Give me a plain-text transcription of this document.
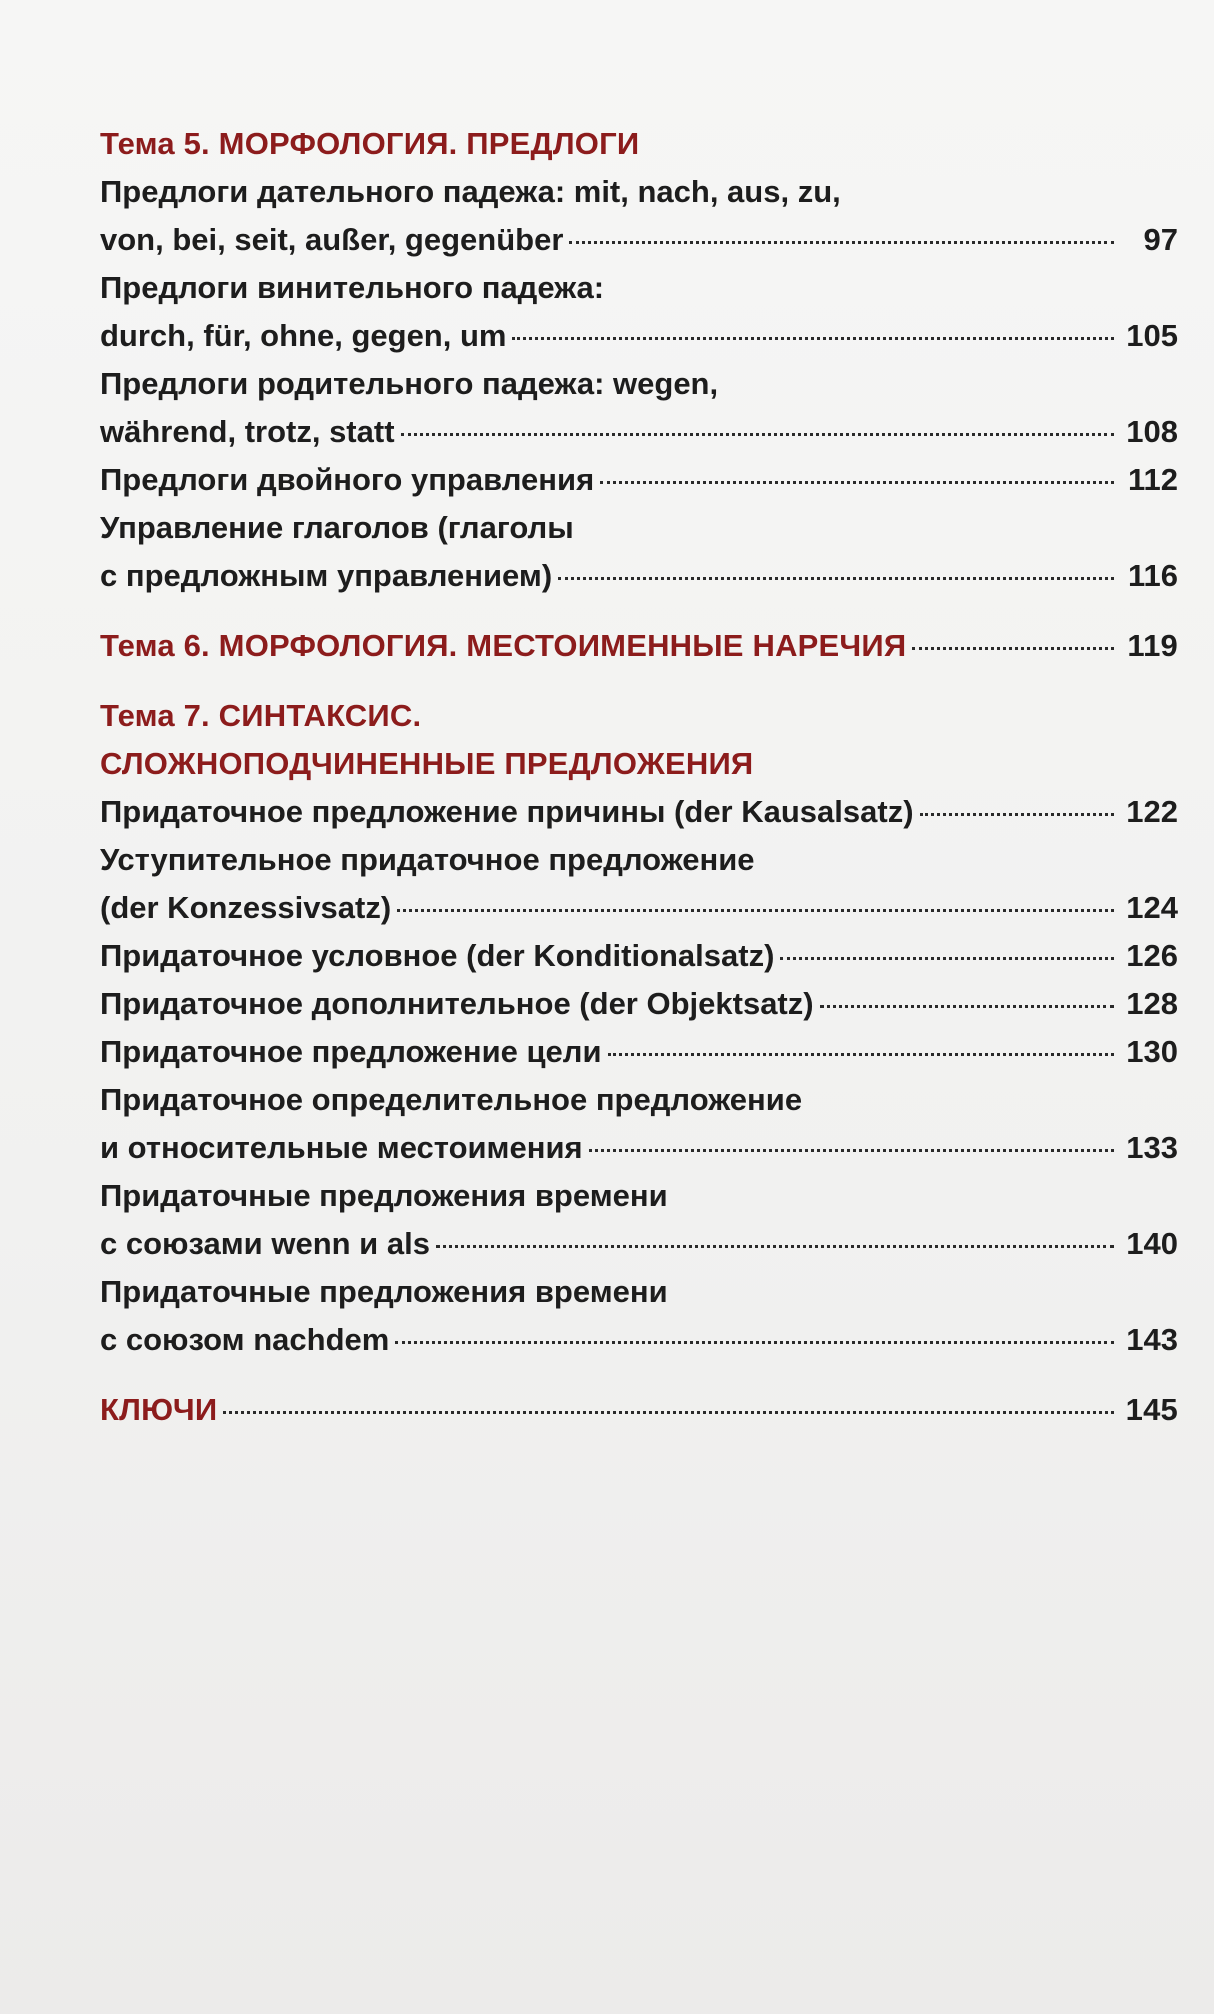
Тема 5. МОРФОЛОГИЯ. ПРЕДЛОГИ
Предлоги дательного падежа: mit, nach, aus, zu,
von, bei, seit, außer, gegenüber	97
Предлоги винительного падежа:
durch, für, ohne, gegen, um	105
Предлоги родительного падежа: wegen,
während, trotz, statt	108
Предлоги двойного управления	112
Управление глаголов (глаголы
с предложным управлением)	116
Тема 6. МОРФОЛОГИЯ. МЕСТОИМЕННЫЕ НАРЕЧИЯ	119
Тема 7. СИНТАКСИС.
СЛОЖНОПОДЧИНЕННЫЕ ПРЕДЛОЖЕНИЯ
Придаточное предложение причины (der Kausalsatz)	122
Уступительное придаточное предложение
(der Konzessivsatz)	124
Придаточное условное (der Konditionalsatz)	126
Придаточное дополнительное (der Objektsatz)	128
Придаточное предложение цели	130
Придаточное определительное предложение
и относительные местоимения	133
Придаточные предложения времени
с союзами wenn и als	140
Придаточные предложения времени
с союзом nachdem	143
КЛЮЧИ	145
